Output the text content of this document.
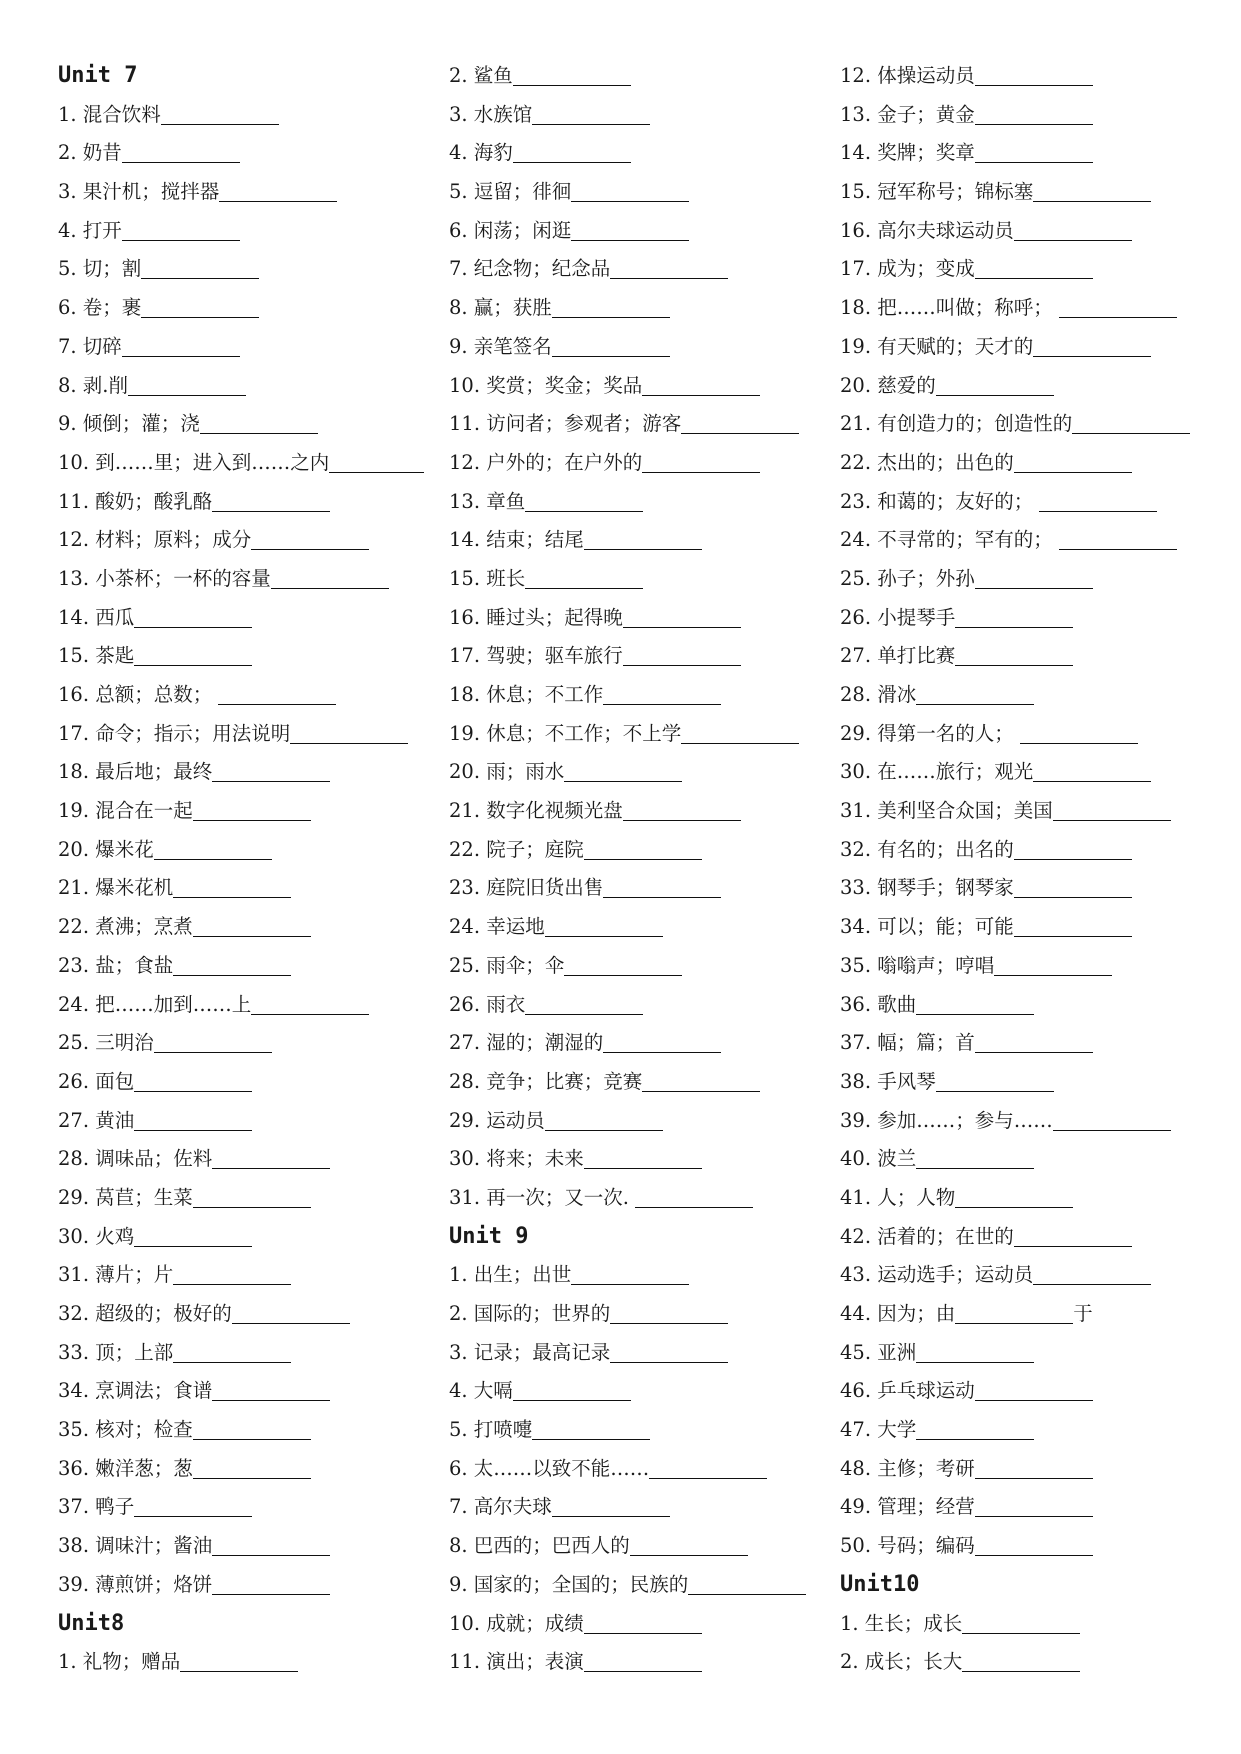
Unit 7
1. 混合饮料
2. 奶昔
3. 果汁机；搅拌器
4. 打开
5. 切；割
6. 卷；裹
7. 切碎
8. 剥.削
9. 倾倒；灌；浇
10. 到……里；进入到……之内
11. 酸奶；酸乳酪
12. 材料；原料；成分
13. 小茶杯；一杯的容量
14. 西瓜
15. 茶匙
16. 总额；总数；
17. 命令；指示；用法说明
18. 最后地；最终
19. 混合在一起
20. 爆米花
21. 爆米花机
22. 煮沸；烹煮
23. 盐；食盐
24. 把……加到……上
25. 三明治
26. 面包
27. 黄油
28. 调味品；佐料
29. 莴苣；生菜
30. 火鸡
31. 薄片；片
32. 超级的；极好的
33. 顶；上部
34. 烹调法；食谱
35. 核对；检查
36. 嫩洋葱；葱
37. 鸭子
38. 调味汁；酱油
39. 薄煎饼；烙饼
Unit8
1. 礼物；赠品
2. 鲨鱼
3. 水族馆
4. 海豹
5. 逗留；徘徊
6. 闲荡；闲逛
7. 纪念物；纪念品
8. 赢；获胜
9. 亲笔签名
10. 奖赏；奖金；奖品
11. 访问者；参观者；游客
12. 户外的；在户外的
13. 章鱼
14. 结束；结尾
15. 班长
16. 睡过头；起得晚
17. 驾驶；驱车旅行
18. 休息；不工作
19. 休息；不工作；不上学
20. 雨；雨水
21. 数字化视频光盘
22. 院子；庭院
23. 庭院旧货出售
24. 幸运地
25. 雨伞；伞
26. 雨衣
27. 湿的；潮湿的
28. 竞争；比赛；竞赛
29. 运动员
30. 将来；未来
31. 再一次；又一次.
Unit 9
1. 出生；出世
2. 国际的；世界的
3. 记录；最高记录
4. 大嗝
5. 打喷嚏
6. 太……以致不能……
7. 高尔夫球
8. 巴西的；巴西人的
9. 国家的；全国的；民族的
10. 成就；成绩
11. 演出；表演
12. 体操运动员
13. 金子；黄金
14. 奖牌；奖章
15. 冠军称号；锦标塞
16. 高尔夫球运动员
17. 成为；变成
18. 把……叫做；称呼；
19. 有天赋的；天才的
20. 慈爱的
21. 有创造力的；创造性的
22. 杰出的；出色的
23. 和蔼的；友好的；
24. 不寻常的；罕有的；
25. 孙子；外孙
26. 小提琴手
27. 单打比赛
28. 滑冰
29. 得第一名的人；
30. 在……旅行；观光
31. 美利坚合众国；美国
32. 有名的；出名的
33. 钢琴手；钢琴家
34. 可以；能；可能
35. 嗡嗡声；哼唱
36. 歌曲
37. 幅；篇；首
38. 手风琴
39. 参加……；参与……
40. 波兰
41. 人；人物
42. 活着的；在世的
43. 运动选手；运动员
44. 因为；由	于
45. 亚洲
46. 乒乓球运动
47. 大学
48. 主修；考研
49. 管理；经营
50. 号码；编码
Unit10
1. 生长；成长
2. 成长；长大
